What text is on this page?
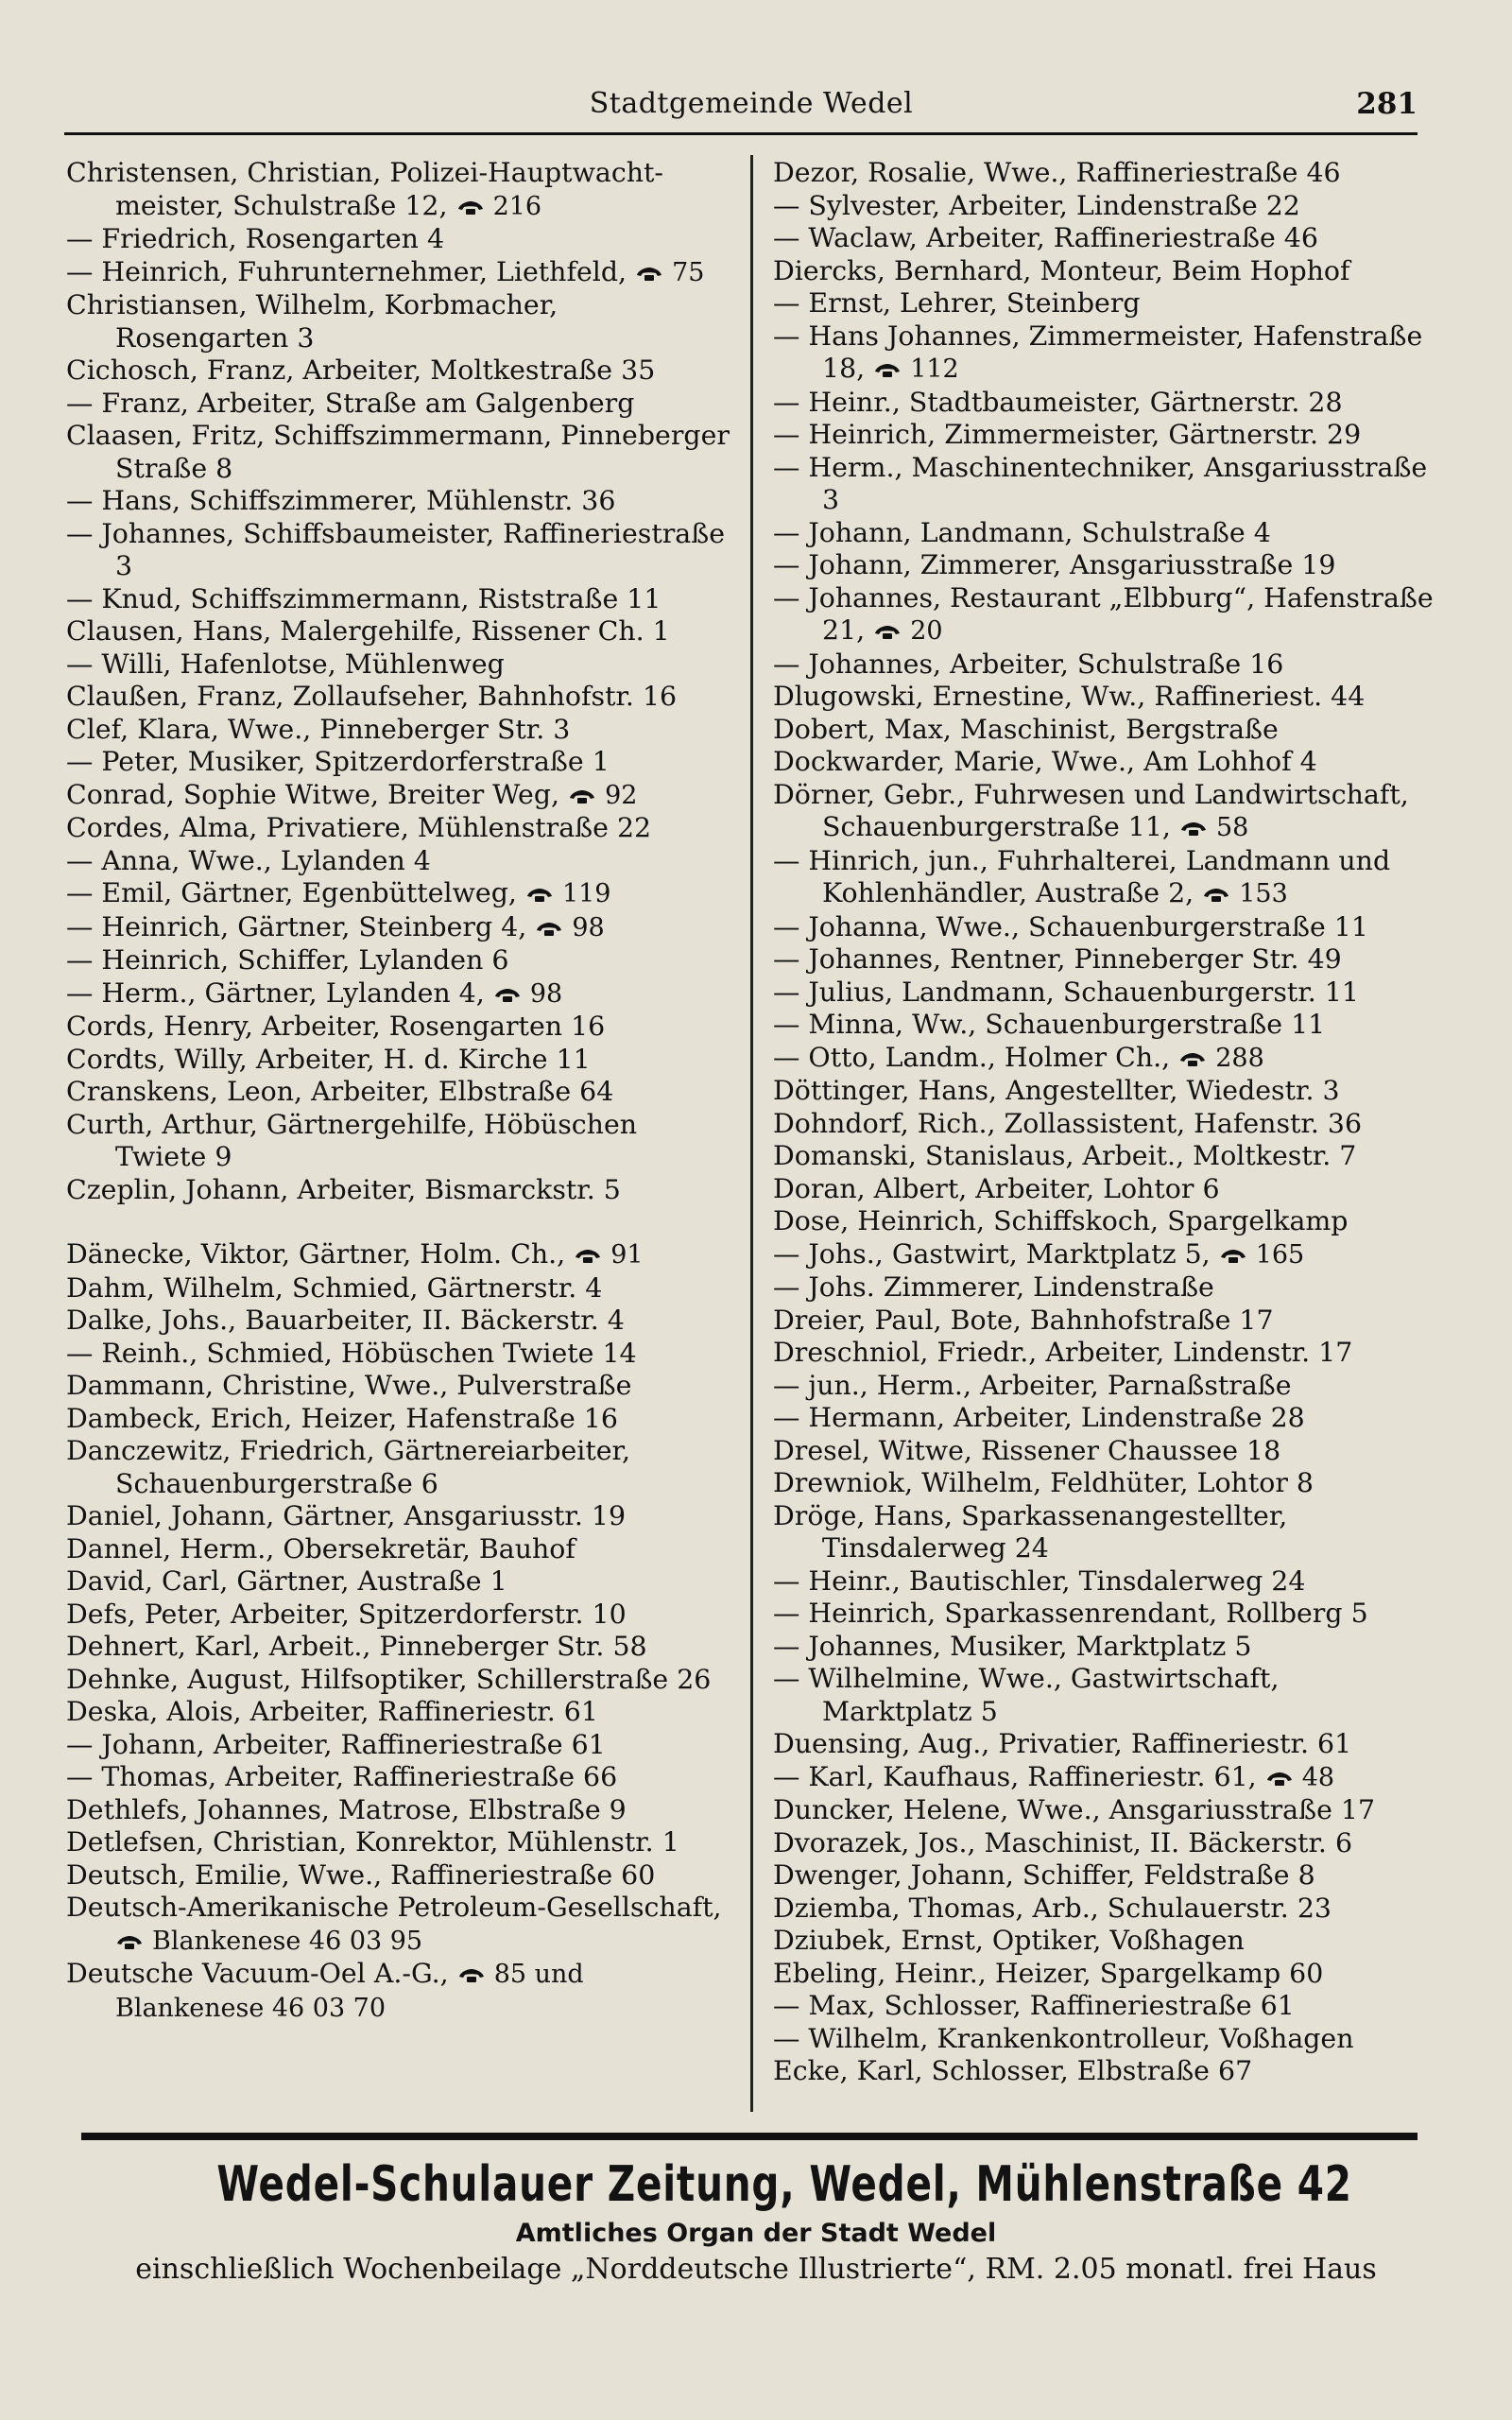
Stadtgemeinde Wedel	281
Christensen, Christian, Polizei-Hauptwacht-meister, Schulstraße 12, 216
— Friedrich, Rosengarten 4
— Heinrich, Fuhrunternehmer, Liethfeld, 75
Christiansen, Wilhelm, Korbmacher, Rosengarten 3
Cichosch, Franz, Arbeiter, Moltkestraße 35
— Franz, Arbeiter, Straße am Galgenberg
Claasen, Fritz, Schiffszimmermann, Pinneberger Straße 8
— Hans, Schiffszimmerer, Mühlenstr. 36
— Johannes, Schiffsbaumeister, Raffineriestraße 3
— Knud, Schiffszimmermann, Riststraße 11
Clausen, Hans, Malergehilfe, Rissener Ch. 1
— Willi, Hafenlotse, Mühlenweg
Claußen, Franz, Zollaufseher, Bahnhofstr. 16
Clef, Klara, Wwe., Pinneberger Str. 3
— Peter, Musiker, Spitzerdorferstraße 1
Conrad, Sophie Witwe, Breiter Weg, 92
Cordes, Alma, Privatiere, Mühlenstraße 22
— Anna, Wwe., Lylanden 4
— Emil, Gärtner, Egenbüttelweg, 119
— Heinrich, Gärtner, Steinberg 4, 98
— Heinrich, Schiffer, Lylanden 6
— Herm., Gärtner, Lylanden 4, 98
Cords, Henry, Arbeiter, Rosengarten 16
Cordts, Willy, Arbeiter, H. d. Kirche 11
Cranskens, Leon, Arbeiter, Elbstraße 64
Curth, Arthur, Gärtnergehilfe, Höbüschen Twiete 9
Czeplin, Johann, Arbeiter, Bismarckstr. 5
Dänecke, Viktor, Gärtner, Holm. Ch., 91
Dahm, Wilhelm, Schmied, Gärtnerstr. 4
Dalke, Johs., Bauarbeiter, II. Bäckerstr. 4
— Reinh., Schmied, Höbüschen Twiete 14
Dammann, Christine, Wwe., Pulverstraße
Dambeck, Erich, Heizer, Hafenstraße 16
Danczewitz, Friedrich, Gärtnereiarbeiter, Schauenburgerstraße 6
Daniel, Johann, Gärtner, Ansgariusstr. 19
Dannel, Herm., Obersekretär, Bauhof
David, Carl, Gärtner, Austraße 1
Defs, Peter, Arbeiter, Spitzerdorferstr. 10
Dehnert, Karl, Arbeit., Pinneberger Str. 58
Dehnke, August, Hilfsoptiker, Schillerstraße 26
Deska, Alois, Arbeiter, Raffineriestr. 61
— Johann, Arbeiter, Raffineriestraße 61
— Thomas, Arbeiter, Raffineriestraße 66
Dethlefs, Johannes, Matrose, Elbstraße 9
Detlefsen, Christian, Konrektor, Mühlenstr. 1
Deutsch, Emilie, Wwe., Raffineriestraße 60
Deutsch-Amerikanische Petroleum-Gesellschaft,  Blankenese 46 03 95
Deutsche Vacuum-Oel A.-G., 85 und Blankenese 46 03 70
Dezor, Rosalie, Wwe., Raffineriestraße 46
— Sylvester, Arbeiter, Lindenstraße 22
— Waclaw, Arbeiter, Raffineriestraße 46
Diercks, Bernhard, Monteur, Beim Hophof
— Ernst, Lehrer, Steinberg
— Hans Johannes, Zimmermeister, Hafenstraße 18, 112
— Heinr., Stadtbaumeister, Gärtnerstr. 28
— Heinrich, Zimmermeister, Gärtnerstr. 29
— Herm., Maschinentechniker, Ansgariusstraße 3
— Johann, Landmann, Schulstraße 4
— Johann, Zimmerer, Ansgariusstraße 19
— Johannes, Restaurant „Elbburg“, Hafenstraße 21, 20
— Johannes, Arbeiter, Schulstraße 16
Dlugowski, Ernestine, Ww., Raffineriest. 44
Dobert, Max, Maschinist, Bergstraße
Dockwarder, Marie, Wwe., Am Lohhof 4
Dörner, Gebr., Fuhrwesen und Landwirtschaft, Schauenburgerstraße 11, 58
— Hinrich, jun., Fuhrhalterei, Landmann und Kohlenhändler, Austraße 2, 153
— Johanna, Wwe., Schauenburgerstraße 11
— Johannes, Rentner, Pinneberger Str. 49
— Julius, Landmann, Schauenburgerstr. 11
— Minna, Ww., Schauenburgerstraße 11
— Otto, Landm., Holmer Ch., 288
Döttinger, Hans, Angestellter, Wiedestr. 3
Dohndorf, Rich., Zollassistent, Hafenstr. 36
Domanski, Stanislaus, Arbeit., Moltkestr. 7
Doran, Albert, Arbeiter, Lohtor 6
Dose, Heinrich, Schiffskoch, Spargelkamp
— Johs., Gastwirt, Marktplatz 5, 165
— Johs. Zimmerer, Lindenstraße
Dreier, Paul, Bote, Bahnhofstraße 17
Dreschniol, Friedr., Arbeiter, Lindenstr. 17
— jun., Herm., Arbeiter, Parnaßstraße
— Hermann, Arbeiter, Lindenstraße 28
Dresel, Witwe, Rissener Chaussee 18
Drewniok, Wilhelm, Feldhüter, Lohtor 8
Dröge, Hans, Sparkassenangestellter, Tinsdalerweg 24
— Heinr., Bautischler, Tinsdalerweg 24
— Heinrich, Sparkassenrendant, Rollberg 5
— Johannes, Musiker, Marktplatz 5
— Wilhelmine, Wwe., Gastwirtschaft, Marktplatz 5
Duensing, Aug., Privatier, Raffineriestr. 61
— Karl, Kaufhaus, Raffineriestr. 61, 48
Duncker, Helene, Wwe., Ansgariusstraße 17
Dvorazek, Jos., Maschinist, II. Bäckerstr. 6
Dwenger, Johann, Schiffer, Feldstraße 8
Dziemba, Thomas, Arb., Schulauerstr. 23
Dziubek, Ernst, Optiker, Voßhagen
Ebeling, Heinr., Heizer, Spargelkamp 60
— Max, Schlosser, Raffineriestraße 61
— Wilhelm, Krankenkontrolleur, Voßhagen
Ecke, Karl, Schlosser, Elbstraße 67
Wedel-Schulauer Zeitung, Wedel, Mühlenstraße 42
Amtliches Organ der Stadt Wedel
einschließlich Wochenbeilage „Norddeutsche Illustrierte“, RM. 2.05 monatl. frei Haus
